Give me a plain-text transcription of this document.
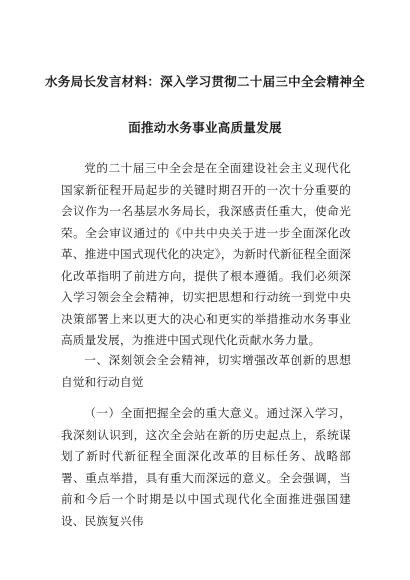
水务局长发言材料：深入学习贯彻二十届三中全会精神全
面推动水务事业高质量发展
党的二十届三中全会是在全面建设社会主义现代化国家新征程开局起步的关键时期召开的一次十分重要的会议作为一名基层水务局长，我深感责任重大，使命光荣。全会审议通过的《中共中央关于进一步全面深化改革、推进中国式现代化的决定》，为新时代新征程全面深化改革指明了前进方向，提供了根本遵循。我们必须深入学习领会全会精神，切实把思想和行动统一到党中央决策部署上来以更大的决心和更实的举措推动水务事业高质量发展，为推进中国式现代化贡献水务力量。
一、深刻领会全会精神，切实增强改革创新的思想自觉和行动自觉
（一）全面把握全会的重大意义。通过深入学习，我深刻认识到，这次全会站在新的历史起点上，系统谋划了新时代新征程全面深化改革的目标任务、战略部署、重点举措，具有重大而深远的意义。全会强调，当前和今后一个时期是以中国式现代化全面推进强国建设、民族复兴伟
